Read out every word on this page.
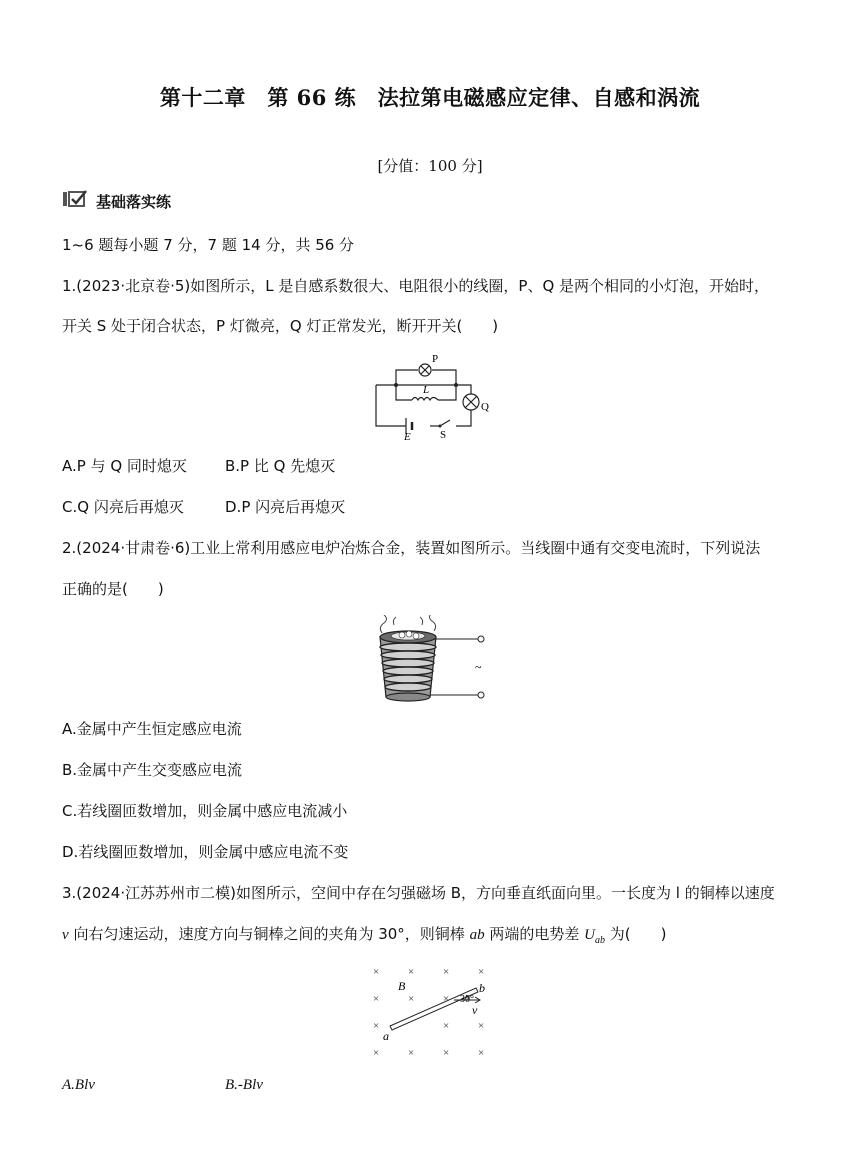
第十二章　第 66 练　法拉第电磁感应定律、自感和涡流
[分值：100 分]
基础落实练
1~6 题每小题 7 分，7 题 14 分，共 56 分
1.(2023·北京卷·5)如图所示，L 是自感系数很大、电阻很小的线圈，P、Q 是两个相同的小灯泡，开始时，
开关 S 处于闭合状态，P 灯微亮，Q 灯正常发光，断开开关(　　)
P
L
Q
E	S
A.P 与 Q 同时熄灭	B.P 比 Q 先熄灭
C.Q 闪亮后再熄灭	D.P 闪亮后再熄灭
2.(2024·甘肃卷·6)工业上常利用感应电炉冶炼合金，装置如图所示。当线圈中通有交变电流时，下列说法
正确的是(　　)
~
A.金属中产生恒定感应电流
B.金属中产生交变感应电流
C.若线圈匝数增加，则金属中感应电流减小
D.若线圈匝数增加，则金属中感应电流不变
3.(2024·江苏苏州市二模)如图所示，空间中存在匀强磁场 B，方向垂直纸面向里。一长度为 l 的铜棒以速度
v 向右匀速运动，速度方向与铜棒之间的夹角为 30°，则铜棒 ab 两端的电势差 $U_{ab}$ 为(　　)
×	×	×	×
×	×	×
×	×	×
×	×	×	×
B
a
b
30°
v
A.Blv	B.-Blv
